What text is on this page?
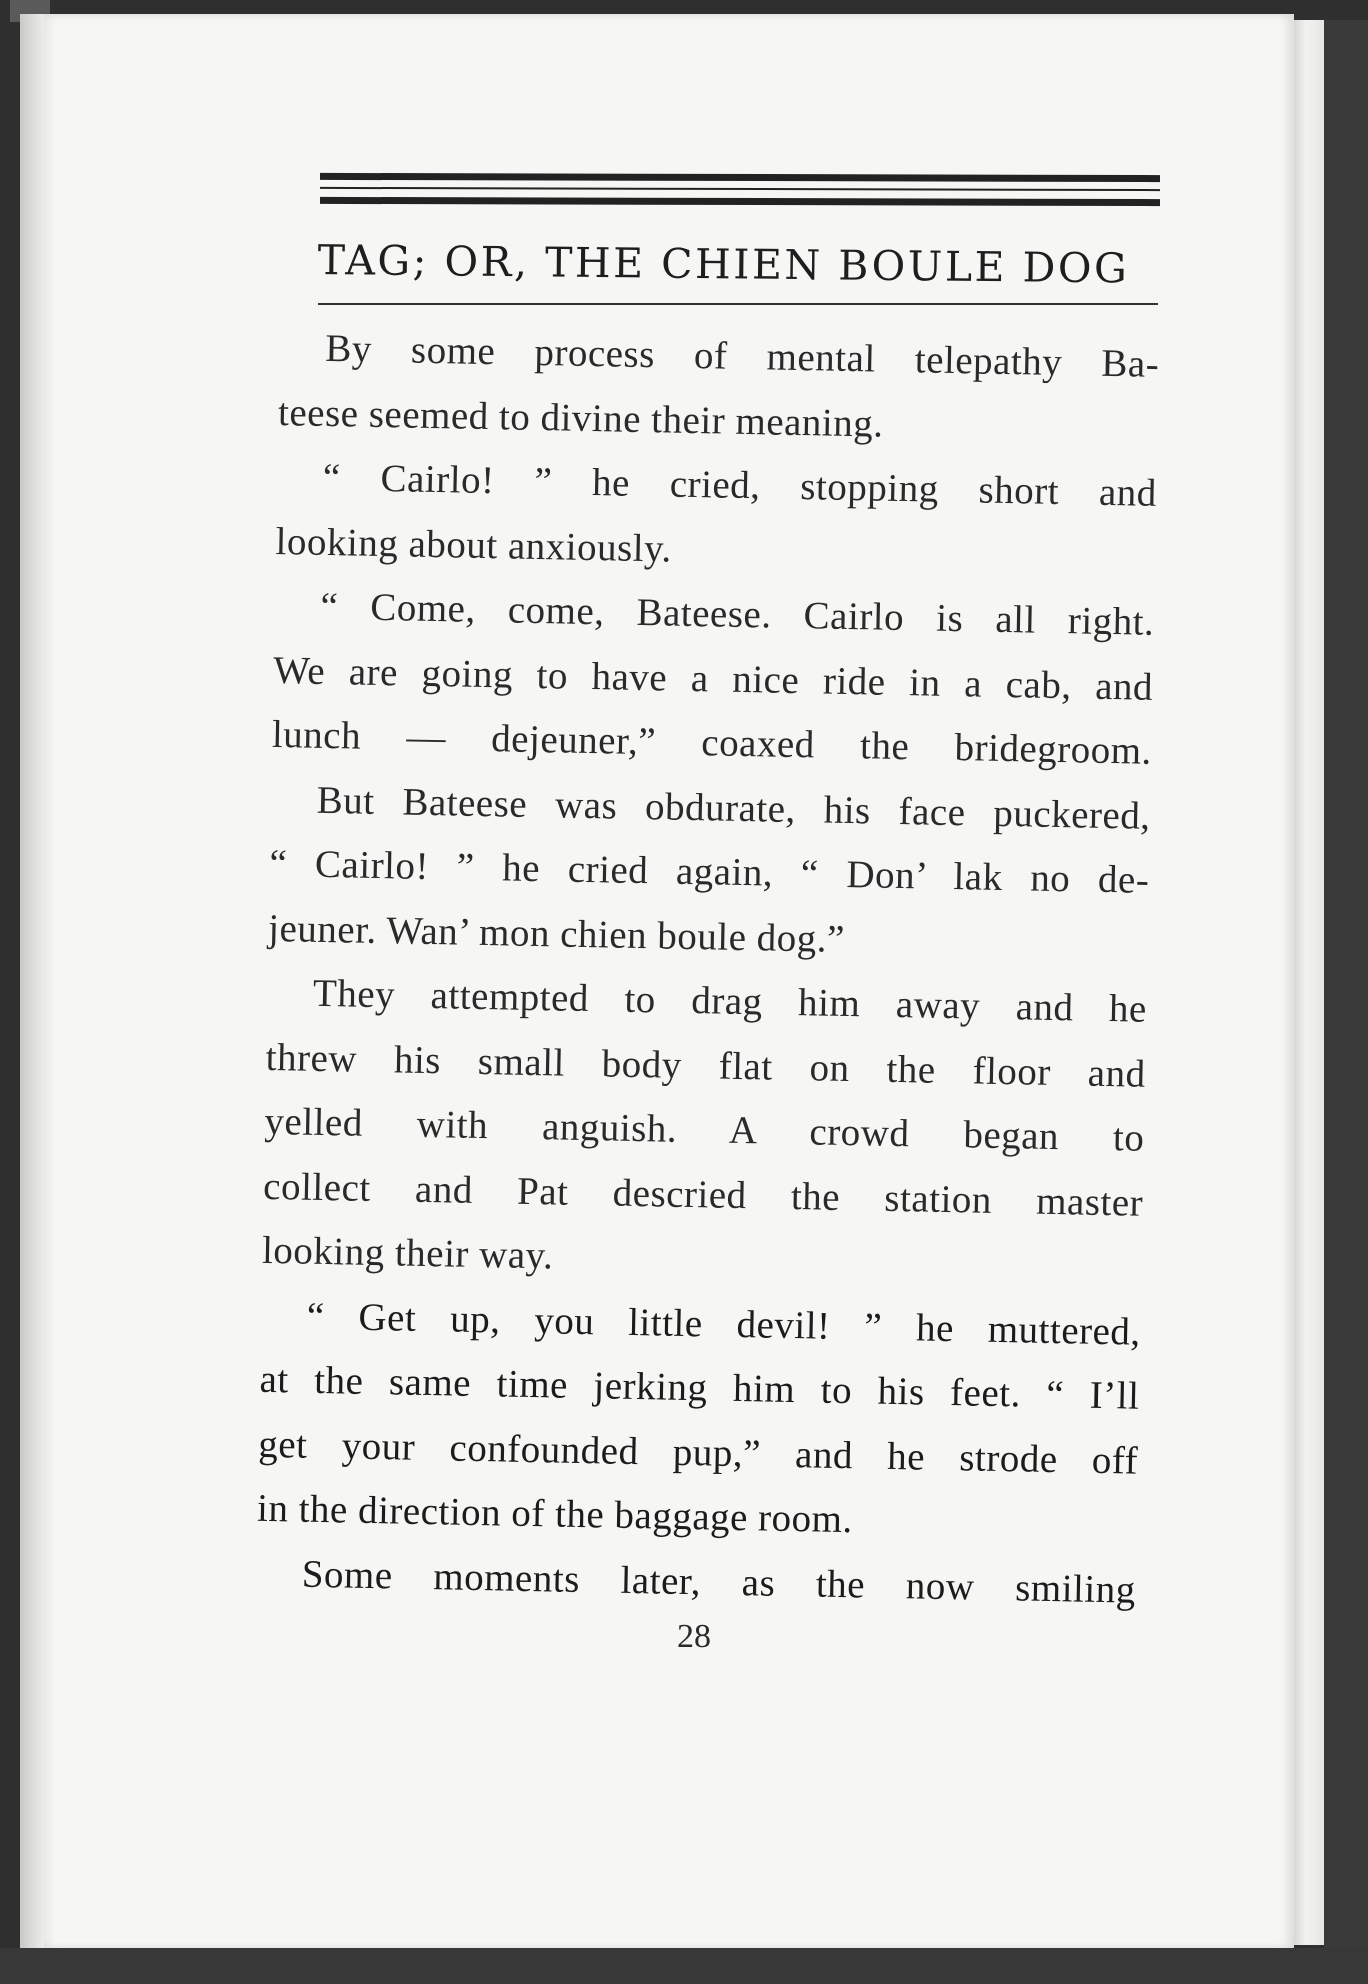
TAG; OR, THE CHIEN BOULE DOG
By some process of mental telepathy Ba-
teese seemed to divine their meaning.
“ Cairlo! ” he cried, stopping short and
looking about anxiously.
“ Come, come, Bateese. Cairlo is all right.
We are going to have a nice ride in a cab, and
lunch — dejeuner,” coaxed the bridegroom.
But Bateese was obdurate, his face puckered,
“ Cairlo! ” he cried again, “ Don’ lak no de-
jeuner. Wan’ mon chien boule dog.”
They attempted to drag him away and he
threw his small body flat on the floor and
yelled with anguish. A crowd began to
collect and Pat descried the station master
looking their way.
“ Get up, you little devil! ” he muttered,
at the same time jerking him to his feet. “ I’ll
get your confounded pup,” and he strode off
in the direction of the baggage room.
Some moments later, as the now smiling
28
